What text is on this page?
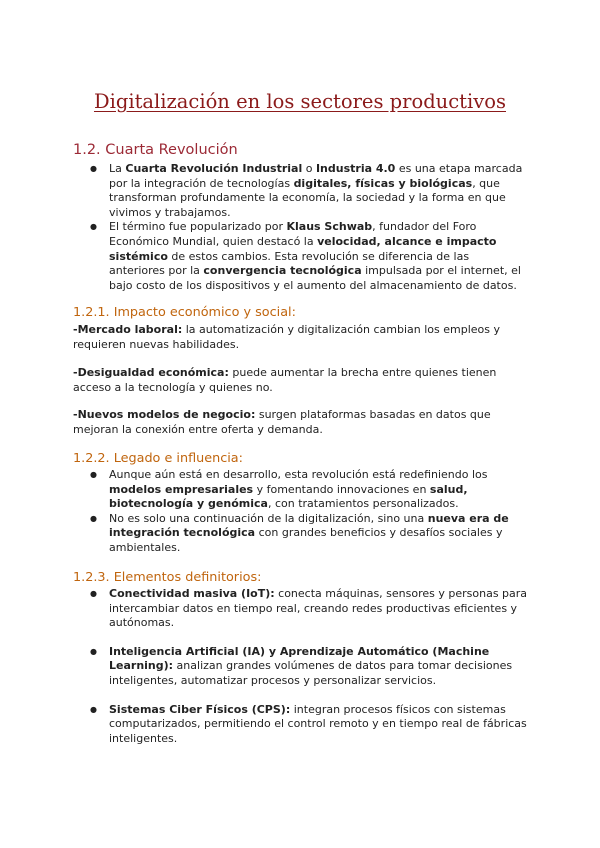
Digitalización en los sectores productivos
1.2. Cuarta Revolución
● La Cuarta Revolución Industrial o Industria 4.0 es una etapa marcada por la integración de tecnologías digitales, físicas y biológicas, que transforman profundamente la economía, la sociedad y la forma en que vivimos y trabajamos.
● El término fue popularizado por Klaus Schwab, fundador del Foro Económico Mundial, quien destacó la velocidad, alcance e impacto sistémico de estos cambios. Esta revolución se diferencia de las anteriores por la convergencia tecnológica impulsada por el internet, el bajo costo de los dispositivos y el aumento del almacenamiento de datos.
1.2.1. Impacto económico y social:

-Mercado laboral: la automatización y digitalización cambian los empleos y requieren nuevas habilidades.

-Desigualdad económica: puede aumentar la brecha entre quienes tienen acceso a la tecnología y quienes no.

-Nuevos modelos de negocio: surgen plataformas basadas en datos que mejoran la conexión entre oferta y demanda.

1.2.2. Legado e influencia:
● Aunque aún está en desarrollo, esta revolución está redefiniendo los modelos empresariales y fomentando innovaciones en salud, biotecnología y genómica, con tratamientos personalizados.
● No es solo una continuación de la digitalización, sino una nueva era de integración tecnológica con grandes beneficios y desafíos sociales y ambientales.
1.2.3. Elementos definitorios:
● Conectividad masiva (IoT): conecta máquinas, sensores y personas para intercambiar datos en tiempo real, creando redes productivas eficientes y autónomas.
● Inteligencia Artificial (IA) y Aprendizaje Automático (Machine Learning): analizan grandes volúmenes de datos para tomar decisiones inteligentes, automatizar procesos y personalizar servicios.
● Sistemas Ciber Físicos (CPS): integran procesos físicos con sistemas computarizados, permitiendo el control remoto y en tiempo real de fábricas inteligentes.
